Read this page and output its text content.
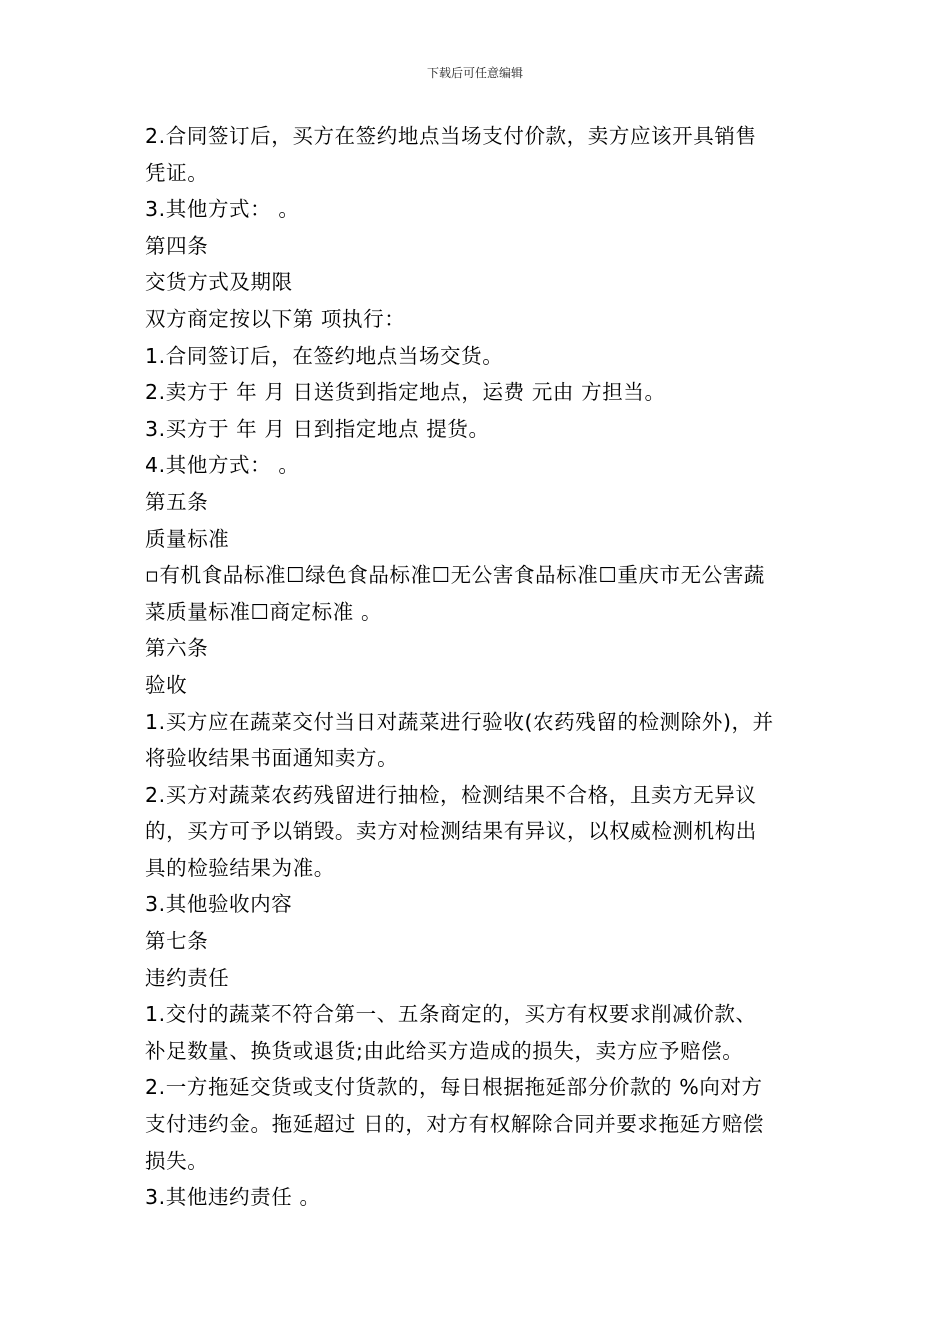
下载后可任意编辑
2.合同签订后，买方在签约地点当场支付价款，卖方应该开具销售
凭证。
3.其他方式： 。
第四条
交货方式及期限
双方商定按以下第 项执行：
1.合同签订后，在签约地点当场交货。
2.卖方于 年 月 日送货到指定地点，运费 元由 方担当。
3.买方于 年 月 日到指定地点 提货。
4.其他方式： 。
第五条
质量标准
▫有机食品标准☐绿色食品标准☐无公害食品标准☐重庆市无公害蔬
菜质量标准☐商定标准 。
第六条
验收
1.买方应在蔬菜交付当日对蔬菜进行验收(农药残留的检测除外)，并
将验收结果书面通知卖方。
2.买方对蔬菜农药残留进行抽检，检测结果不合格，且卖方无异议
的，买方可予以销毁。卖方对检测结果有异议，以权威检测机构出
具的检验结果为准。
3.其他验收内容
第七条
违约责任
1.交付的蔬菜不符合第一、五条商定的，买方有权要求削减价款、
补足数量、换货或退货;由此给买方造成的损失，卖方应予赔偿。
2.一方拖延交货或支付货款的，每日根据拖延部分价款的 %向对方
支付违约金。拖延超过 日的，对方有权解除合同并要求拖延方赔偿
损失。
3.其他违约责任 。
